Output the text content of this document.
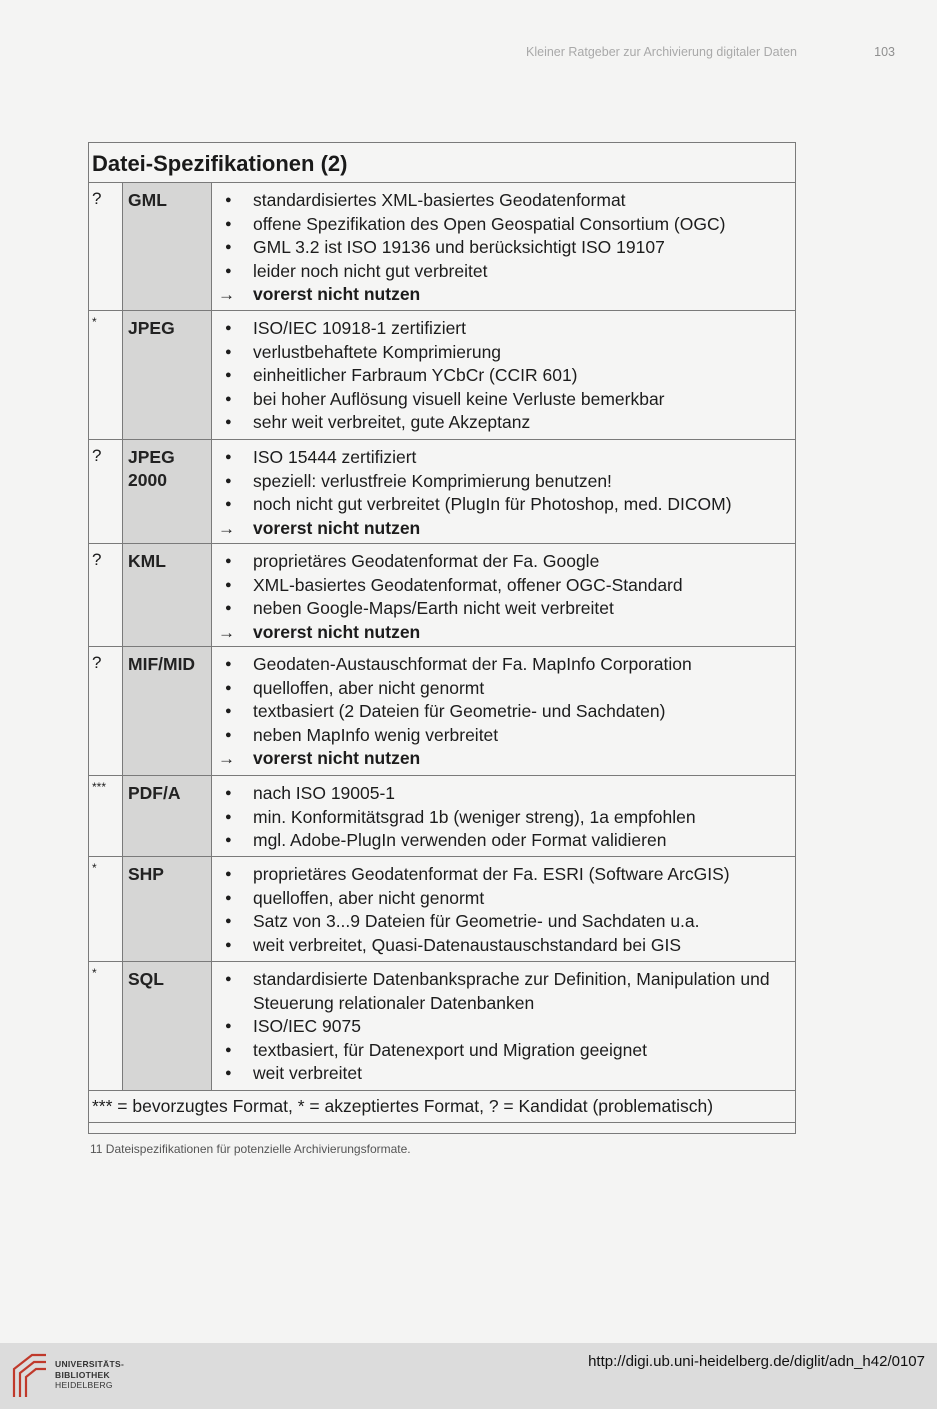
Kleiner Ratgeber zur Archivierung digitaler Daten	103
Datei-Spezifikationen (2)
?	GML	●	standardisiertes XML-basiertes Geodatenformat
●	offene Spezifikation des Open Geospatial Consortium (OGC)
●	GML 3.2 ist ISO 19136 und berücksichtigt ISO 19107
●	leider noch nicht gut verbreitet
→	vorerst nicht nutzen
*	JPEG	●	ISO/IEC 10918-1 zertifiziert
●	verlustbehaftete Komprimierung
●	einheitlicher Farbraum YCbCr (CCIR 601)
●	bei hoher Auflösung visuell keine Verluste bemerkbar
●	sehr weit verbreitet, gute Akzeptanz
?	JPEG 2000
●	ISO 15444 zertifiziert
●	speziell: verlustfreie Komprimierung benutzen!
●	noch nicht gut verbreitet (PlugIn für Photoshop, med. DICOM)
→	vorerst nicht nutzen
?	KML	●	proprietäres Geodatenformat der Fa. Google
●	XML-basiertes Geodatenformat, offener OGC-Standard
●	neben Google-Maps/Earth nicht weit verbreitet
→	vorerst nicht nutzen
?	MIF/MID	●	Geodaten-Austauschformat der Fa. MapInfo Corporation
●	quelloffen, aber nicht genormt
●	textbasiert (2 Dateien für Geometrie- und Sachdaten)
●	neben MapInfo wenig verbreitet
→	vorerst nicht nutzen
***	PDF/A	●	nach ISO 19005-1
●	min. Konformitätsgrad 1b (weniger streng), 1a empfohlen
●	mgl. Adobe-PlugIn verwenden oder Format validieren
*	SHP	●	proprietäres Geodatenformat der Fa. ESRI (Software ArcGIS)
●	quelloffen, aber nicht genormt
●	Satz von 3...9 Dateien für Geometrie- und Sachdaten u.a.
●	weit verbreitet, Quasi-Datenaustauschstandard bei GIS
*	SQL	●	standardisierte Datenbanksprache zur Definition, Manipulation und Steuerung relationaler Datenbanken
●	ISO/IEC 9075
●	textbasiert, für Datenexport und Migration geeignet
●	weit verbreitet
*** = bevorzugtes Format, * = akzeptiertes Format, ? = Kandidat (problematisch)
11 Dateispezifikationen für potenzielle Archivierungsformate.
UNIVERSITÄTS-
BIBLIOTHEK
HEIDELBERG
http://digi.ub.uni-heidelberg.de/diglit/adn_h42/0107
